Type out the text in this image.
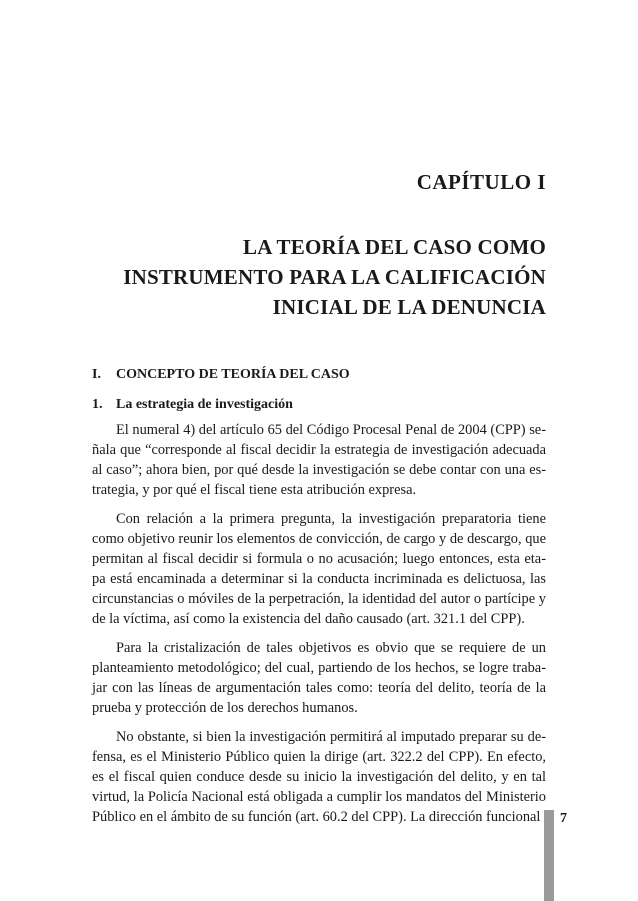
CAPÍTULO I
LA TEORÍA DEL CASO COMO
INSTRUMENTO PARA LA CALIFICACIÓN
INICIAL DE LA DENUNCIA
I. CONCEPTO DE TEORÍA DEL CASO
1. La estrategia de investigación

El numeral 4) del artículo 65 del Código Procesal Penal de 2004 (CPP) se-ñala que “corresponde al fiscal decidir la estrategia de investigación adecuada al caso”; ahora bien, por qué desde la investigación se debe contar con una es-trategia, y por qué el fiscal tiene esta atribución expresa.

Con relación a la primera pregunta, la investigación preparatoria tiene como objetivo reunir los elementos de convicción, de cargo y de descargo, que permitan al fiscal decidir si formula o no acusación; luego entonces, esta eta-pa está encaminada a determinar si la conducta incriminada es delictuosa, las circunstancias o móviles de la perpetración, la identidad del autor o partícipe y de la víctima, así como la existencia del daño causado (art. 321.1 del CPP).

Para la cristalización de tales objetivos es obvio que se requiere de un planteamiento metodológico; del cual, partiendo de los hechos, se logre traba-jar con las líneas de argumentación tales como: teoría del delito, teoría de la prueba y protección de los derechos humanos.

No obstante, si bien la investigación permitirá al imputado preparar su de-fensa, es el Ministerio Público quien la dirige (art. 322.2 del CPP). En efecto, es el fiscal quien conduce desde su inicio la investigación del delito, y en tal virtud, la Policía Nacional está obligada a cumplir los mandatos del Ministerio Público en el ámbito de su función (art. 60.2 del CPP). La dirección funcional	7
